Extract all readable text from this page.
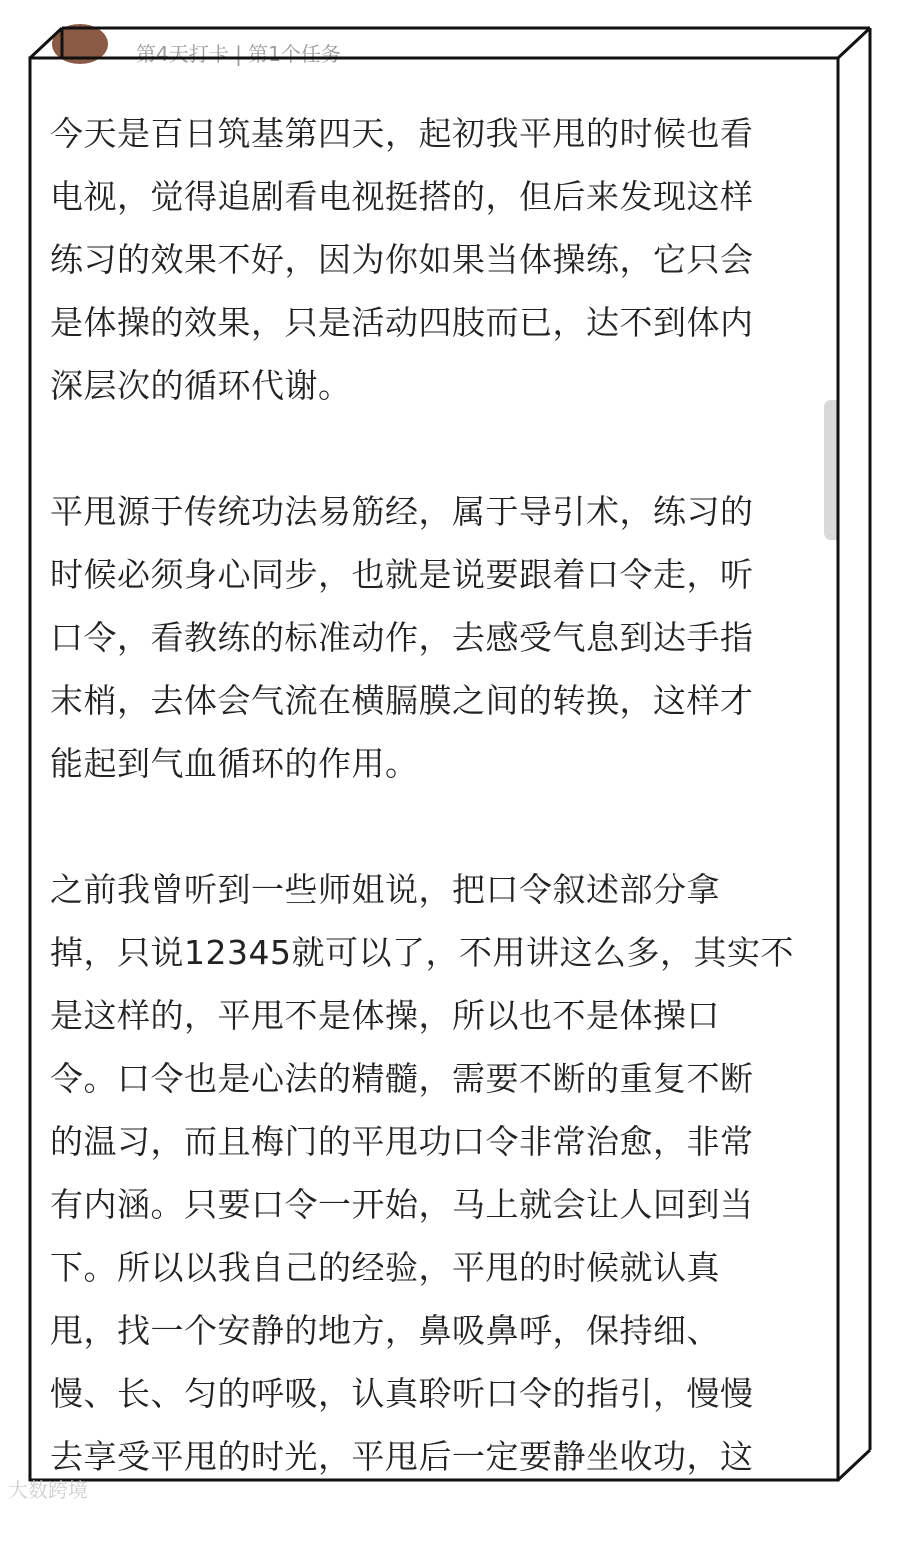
第4天打卡 | 第1个任务

今天是百日筑基第四天，起初我平甩的时候也看
电视，觉得追剧看电视挺搭的，但后来发现这样
练习的效果不好，因为你如果当体操练，它只会
是体操的效果，只是活动四肢而已，达不到体内
深层次的循环代谢。

平甩源于传统功法易筋经，属于导引术，练习的
时候必须身心同步，也就是说要跟着口令走，听
口令，看教练的标准动作，去感受气息到达手指
末梢，去体会气流在横膈膜之间的转换，这样才
能起到气血循环的作用。

之前我曾听到一些师姐说，把口令叙述部分拿
掉，只说12345就可以了，不用讲这么多，其实不
是这样的，平甩不是体操，所以也不是体操口
令。口令也是心法的精髓，需要不断的重复不断
的温习，而且梅门的平甩功口令非常治愈，非常
有内涵。只要口令一开始，马上就会让人回到当
下。所以以我自己的经验，平甩的时候就认真
甩，找一个安静的地方，鼻吸鼻呼，保持细、
慢、长、匀的呼吸，认真聆听口令的指引，慢慢
去享受平甩的时光，平甩后一定要静坐收功，这

大数跨境
